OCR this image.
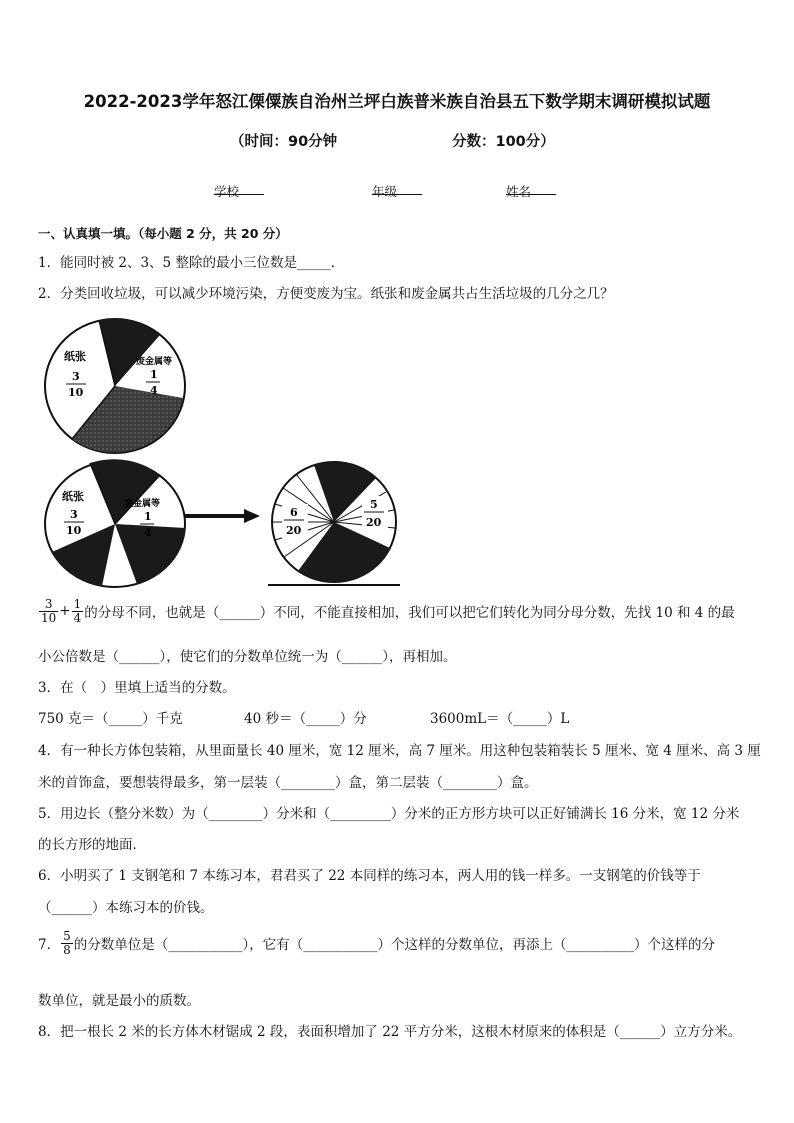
2022-2023学年怒江傈僳族自治州兰坪白族普米族自治县五下数学期末调研模拟试题
（时间：90分钟	分数：100分）
学校	年级	姓名
一、认真填一填。（每小题 2 分，共 20 分）
1．能同时被 2、3、5 整除的最小三位数是_____．
2．分类回收垃圾，可以减少环境污染，方便变废为宝。纸张和废金属共占生活垃圾的几分之几？
纸张
3
10
废金属等
1
4
纸张
3
10
废金属等
1
4
6
20
5
20
$\frac{3}{10} + \frac{1}{4}$ 的分母不同，也就是（______）不同，不能直接相加，我们可以把它们转化为同分母分数，先找 10 和 4 的最
小公倍数是（______），使它们的分数单位统一为（______），再相加。
3．在（　）里填上适当的分数。
750 克＝（_____）千克	40 秒＝（_____）分	3600mL＝（_____）L
4．有一种长方体包装箱，从里面量长 40 厘米，宽 12 厘米，高 7 厘米。用这种包装箱装长 5 厘米、宽 4 厘米、高 3 厘
米的首饰盒，要想装得最多，第一层装（________）盒，第二层装（________）盒。
5．用边长（整分米数）为（________）分米和（_________）分米的正方形方块可以正好铺满长 16 分米，宽 12 分米
的长方形的地面．
6．小明买了 1 支钢笔和 7 本练习本，君君买了 22 本同样的练习本，两人用的钱一样多。一支钢笔的价钱等于
（______）本练习本的价钱。
7． $\frac{5}{8}$ 的分数单位是（___________），它有（___________）个这样的分数单位，再添上（__________）个这样的分
数单位，就是最小的质数。
8．把一根长 2 米的长方体木材锯成 2 段，表面积增加了 22 平方分米，这根木材原来的体积是（______）立方分米。
